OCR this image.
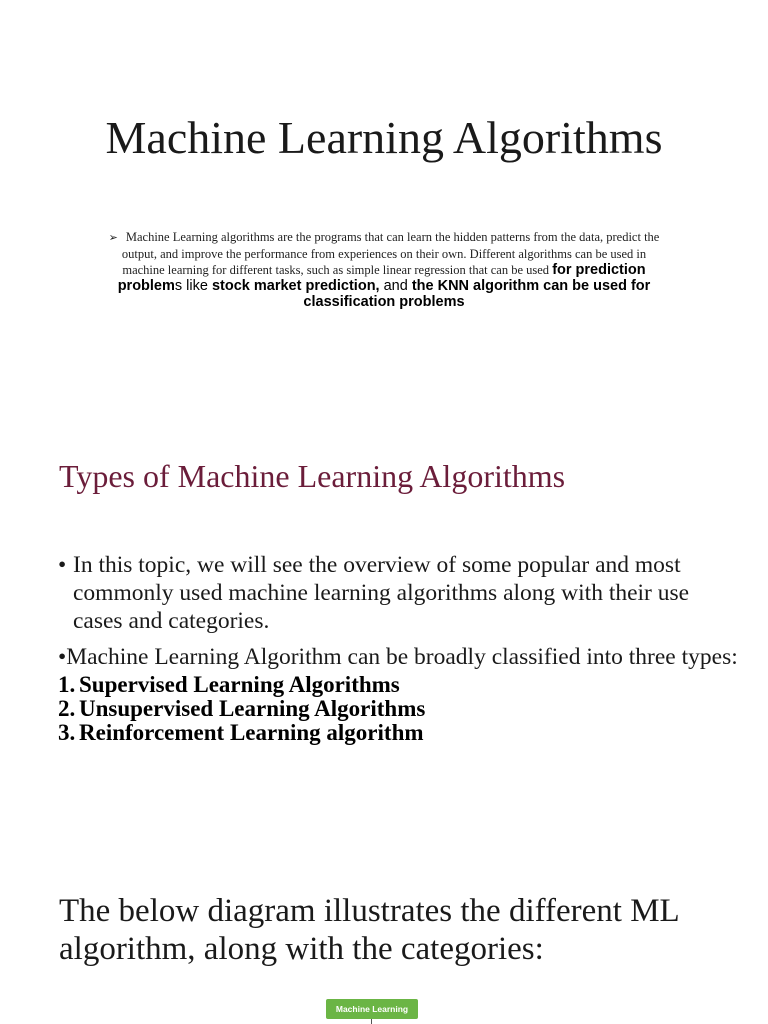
Machine Learning Algorithms
➢ Machine Learning algorithms are the programs that can learn the hidden patterns from the data, predict the output, and improve the performance from experiences on their own. Different algorithms can be used in machine learning for different tasks, such as simple linear regression that can be used for prediction problems like stock market prediction, and the KNN algorithm can be used for classification problems
Types of Machine Learning Algorithms
• In this topic, we will see the overview of some popular and most commonly used machine learning algorithms along with their use cases and categories.
•Machine Learning Algorithm can be broadly classified into three types:
1. Supervised Learning Algorithms
2. Unsupervised Learning Algorithms
3. Reinforcement Learning algorithm
The below diagram illustrates the different ML algorithm, along with the categories:
Machine Learning
